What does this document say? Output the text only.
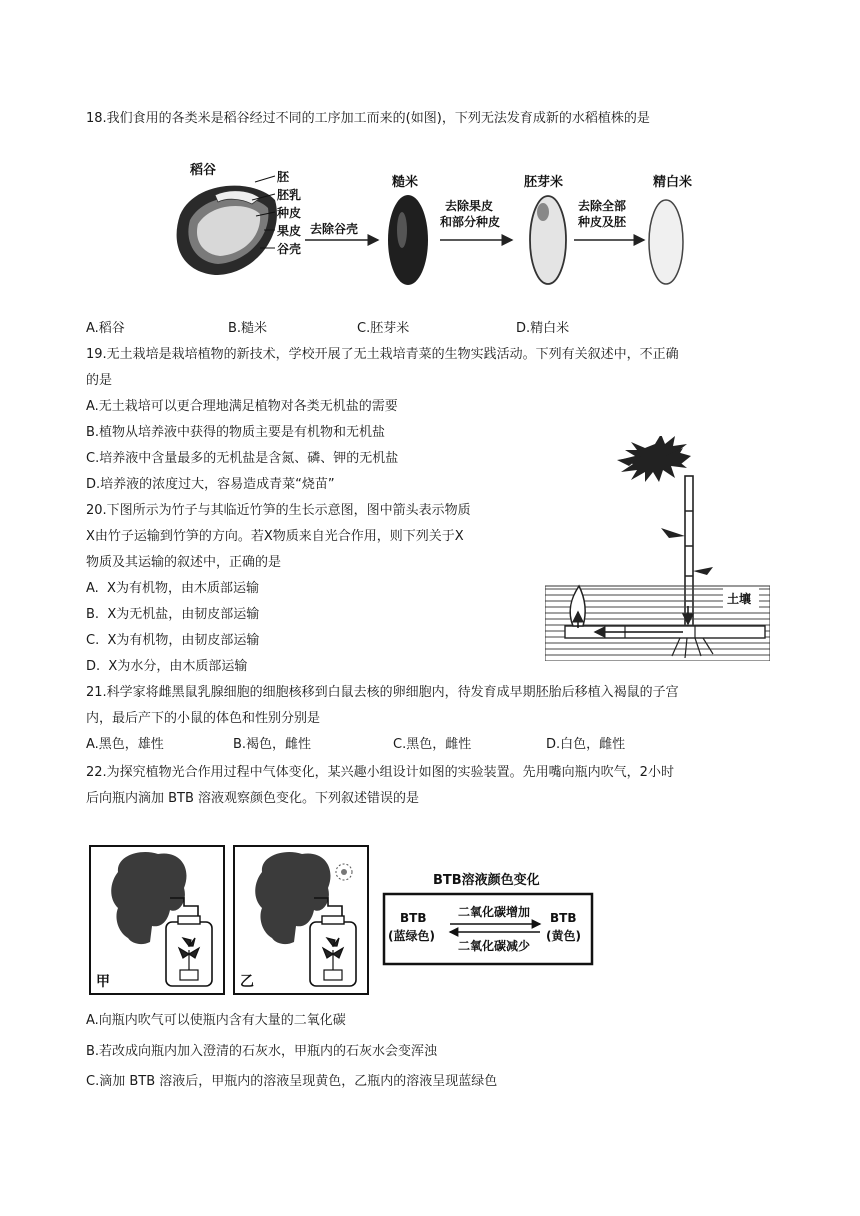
18.我们食用的各类米是稻谷经过不同的工序加工而来的(如图)，下列无法发育成新的水稻植株的是
稻谷	胚
胚乳
种皮
果皮
谷壳
去除谷壳
糙米
去除果皮
和部分种皮
胚芽米
去除全部
种皮及胚
精白米
A.稻谷	B.糙米	C.胚芽米	D.精白米
19.无土栽培是栽培植物的新技术，学校开展了无土栽培青菜的生物实践活动。下列有关叙述中，不正确
的是
A.无土栽培可以更合理地满足植物对各类无机盐的需要
B.植物从培养液中获得的物质主要是有机物和无机盐
C.培养液中含量最多的无机盐是含氮、磷、钾的无机盐
D.培养液的浓度过大，容易造成青菜“烧苗”
土壤
20.下图所示为竹子与其临近竹笋的生长示意图，图中箭头表示物质
X由竹子运输到竹笋的方向。若X物质来自光合作用，则下列关于X
物质及其运输的叙述中，正确的是
A.  X为有机物，由木质部运输
B.  X为无机盐，由韧皮部运输
C.  X为有机物，由韧皮部运输
D.  X为水分，由木质部运输
21.科学家将雌黑鼠乳腺细胞的细胞核移到白鼠去核的卵细胞内，待发育成早期胚胎后移植入褐鼠的子宫
内，最后产下的小鼠的体色和性别分别是
A.黑色，雄性	B.褐色，雌性	C.黑色，雌性	D.白色，雌性
22.为探究植物光合作用过程中气体变化，某兴趣小组设计如图的实验装置。先用嘴向瓶内吹气，2小时
后向瓶内滴加 BTB 溶液观察颜色变化。下列叙述错误的是
甲	乙
BTB溶液颜色变化
BTB
(蓝绿色)
BTB
(黄色)
二氧化碳增加
二氧化碳减少
A.向瓶内吹气可以使瓶内含有大量的二氧化碳
B.若改成向瓶内加入澄清的石灰水，甲瓶内的石灰水会变浑浊
C.滴加 BTB 溶液后，甲瓶内的溶液呈现黄色，乙瓶内的溶液呈现蓝绿色
